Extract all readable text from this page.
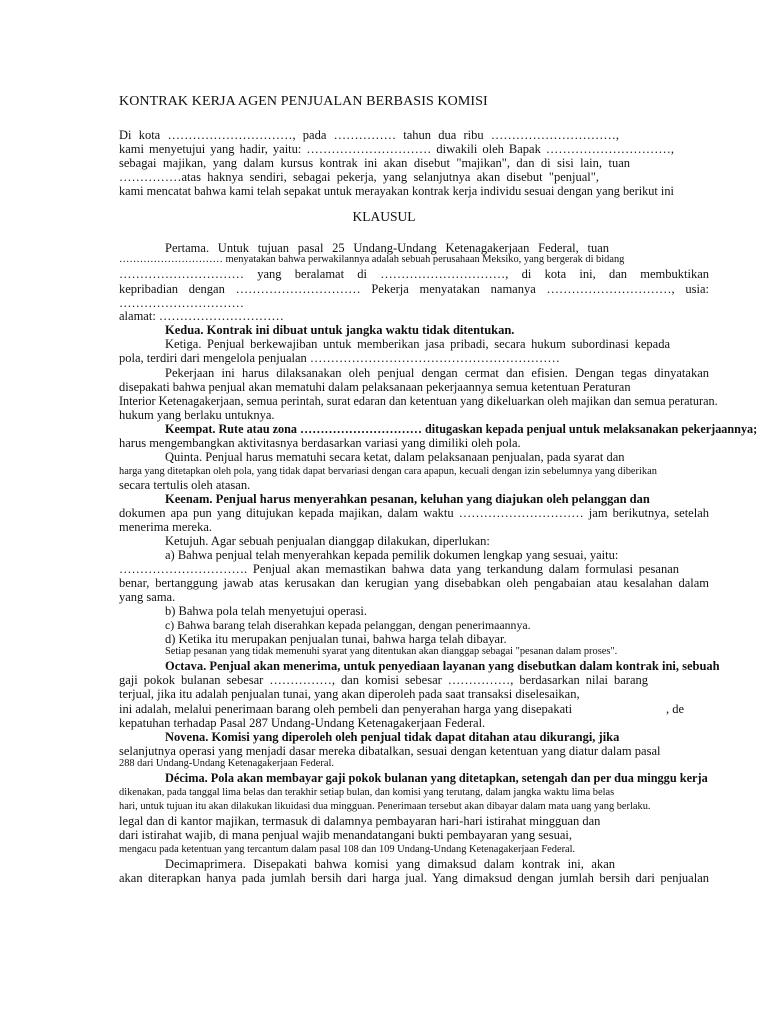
KONTRAK KERJA AGEN PENJUALAN BERBASIS KOMISI
Di kota …………………………, pada …………… tahun dua ribu …………………………,
kami menyetujui yang hadir, yaitu: ………………………… diwakili oleh Bapak …………………………,
sebagai majikan, yang dalam kursus kontrak ini akan disebut "majikan", dan di sisi lain, tuan
……………atas haknya sendiri, sebagai pekerja, yang selanjutnya akan disebut "penjual",
kami mencatat bahwa kami telah sepakat untuk merayakan kontrak kerja individu sesuai dengan yang berikut ini
KLAUSUL
Pertama. Untuk tujuan pasal 25 Undang-Undang Ketenagakerjaan Federal, tuan
………………………… menyatakan bahwa perwakilannya adalah sebuah perusahaan Meksiko, yang bergerak di bidang
………………………… yang beralamat di …………………………, di kota ini, dan membuktikan
kepribadian dengan ………………………… Pekerja menyatakan namanya …………………………, usia:
…………………………
alamat: …………………………
Kedua. Kontrak ini dibuat untuk jangka waktu tidak ditentukan.
Ketiga. Penjual berkewajiban untuk memberikan jasa pribadi, secara hukum subordinasi kepada
pola, terdiri dari mengelola penjualan ……………………………………………………
Pekerjaan ini harus dilaksanakan oleh penjual dengan cermat dan efisien. Dengan tegas dinyatakan
disepakati bahwa penjual akan mematuhi dalam pelaksanaan pekerjaannya semua ketentuan Peraturan
Interior Ketenagakerjaan, semua perintah, surat edaran dan ketentuan yang dikeluarkan oleh majikan dan semua peraturan.
hukum yang berlaku untuknya.
Keempat. Rute atau zona ………………………… ditugaskan kepada penjual untuk melaksanakan pekerjaannya;
harus mengembangkan aktivitasnya berdasarkan variasi yang dimiliki oleh pola.
Quinta. Penjual harus mematuhi secara ketat, dalam pelaksanaan penjualan, pada syarat dan
harga yang ditetapkan oleh pola, yang tidak dapat bervariasi dengan cara apapun, kecuali dengan izin sebelumnya yang diberikan
secara tertulis oleh atasan.
Keenam. Penjual harus menyerahkan pesanan, keluhan yang diajukan oleh pelanggan dan
dokumen apa pun yang ditujukan kepada majikan, dalam waktu ………………………… jam berikutnya, setelah
menerima mereka.
Ketujuh. Agar sebuah penjualan dianggap dilakukan, diperlukan:
a) Bahwa penjual telah menyerahkan kepada pemilik dokumen lengkap yang sesuai, yaitu:
…………………………. Penjual akan memastikan bahwa data yang terkandung dalam formulasi pesanan
benar, bertanggung jawab atas kerusakan dan kerugian yang disebabkan oleh pengabaian atau kesalahan dalam
yang sama.
b) Bahwa pola telah menyetujui operasi.
c) Bahwa barang telah diserahkan kepada pelanggan, dengan penerimaannya.
d) Ketika itu merupakan penjualan tunai, bahwa harga telah dibayar.
Setiap pesanan yang tidak memenuhi syarat yang ditentukan akan dianggap sebagai "pesanan dalam proses".
Octava. Penjual akan menerima, untuk penyediaan layanan yang disebutkan dalam kontrak ini, sebuah
gaji pokok bulanan sebesar ……………, dan komisi sebesar ……………, berdasarkan nilai barang
terjual, jika itu adalah penjualan tunai, yang akan diperoleh pada saat transaksi diselesaikan,
ini adalah, melalui penerimaan barang oleh pembeli dan penyerahan harga yang disepakati	, de
kepatuhan terhadap Pasal 287 Undang-Undang Ketenagakerjaan Federal.
Novena. Komisi yang diperoleh oleh penjual tidak dapat ditahan atau dikurangi, jika
selanjutnya operasi yang menjadi dasar mereka dibatalkan, sesuai dengan ketentuan yang diatur dalam pasal
288 dari Undang-Undang Ketenagakerjaan Federal.
Décima. Pola akan membayar gaji pokok bulanan yang ditetapkan, setengah dan per dua minggu kerja
dikenakan, pada tanggal lima belas dan terakhir setiap bulan, dan komisi yang terutang, dalam jangka waktu lima belas
hari, untuk tujuan itu akan dilakukan likuidasi dua mingguan. Penerimaan tersebut akan dibayar dalam mata uang yang berlaku.
legal dan di kantor majikan, termasuk di dalamnya pembayaran hari-hari istirahat mingguan dan
dari istirahat wajib, di mana penjual wajib menandatangani bukti pembayaran yang sesuai,
mengacu pada ketentuan yang tercantum dalam pasal 108 dan 109 Undang-Undang Ketenagakerjaan Federal.
Decimaprimera. Disepakati bahwa komisi yang dimaksud dalam kontrak ini, akan
akan diterapkan hanya pada jumlah bersih dari harga jual. Yang dimaksud dengan jumlah bersih dari penjualan
